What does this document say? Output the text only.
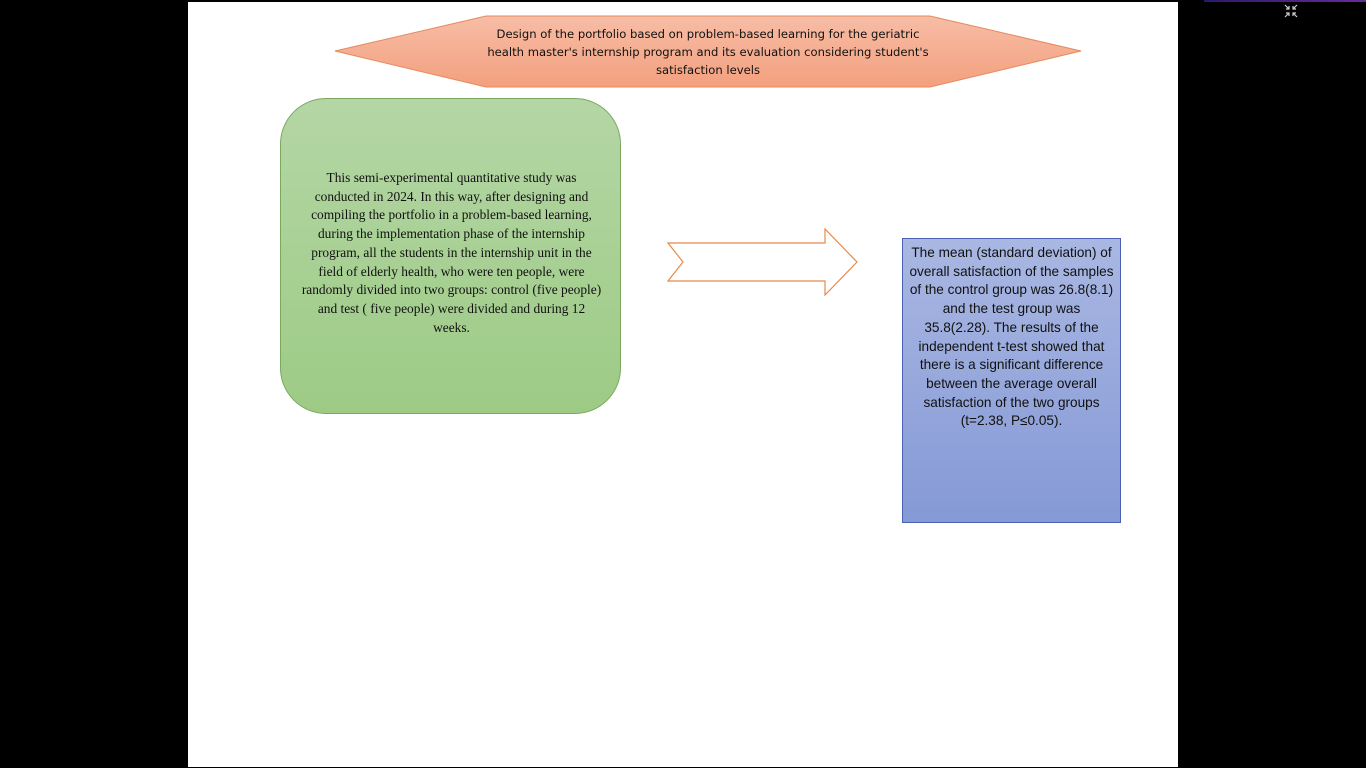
Design of the portfolio based on problem-based learning for the geriatric health master's internship program and its evaluation considering student's satisfaction levels
This semi-experimental quantitative study was conducted in 2024. In this way, after designing and compiling the portfolio in a problem-based learning, during the implementation phase of the internship program, all the students in the internship unit in the field of elderly health, who were ten people, were randomly divided into two groups: control (five people) and test ( five people) were divided and during 12 weeks.
The mean (standard deviation) of overall satisfaction of the samples of the control group was 26.8(8.1) and the test group was 35.8(2.28). The results of the independent t-test showed that there is a significant difference between the average overall satisfaction of the two groups (t=2.38, P≤0.05).
